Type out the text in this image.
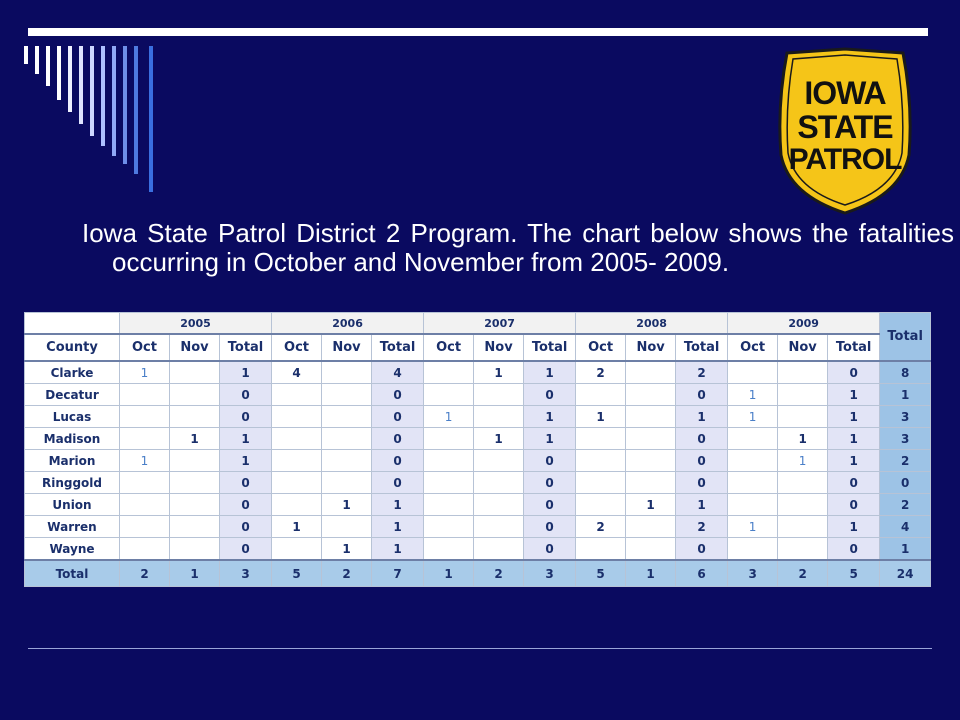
IOWA
STATE
PATROL
Iowa State Patrol District 2 Program. The chart below shows the fatalities occurring in October and November from 2005- 2009.
	2005			2006			2007			2008			2009			Total
County	Oct	Nov	Total	Oct	Nov	Total	Oct	Nov	Total	Oct	Nov	Total	Oct	Nov	Total	
Clarke	1		1	4		4		1	1	2		2			0	8
Decatur			0			0			0			0	1		1	1
Lucas			0			0	1		1	1		1	1		1	3
Madison		1	1			0		1	1			0		1	1	3
Marion	1		1			0			0			0		1	1	2
Ringgold			0			0			0			0			0	0
Union			0		1	1			0		1	1			0	2
Warren			0	1		1			0	2		2	1		1	4
Wayne			0		1	1			0			0			0	1
Total	2	1	3	5	2	7	1	2	3	5	1	6	3	2	5	24
